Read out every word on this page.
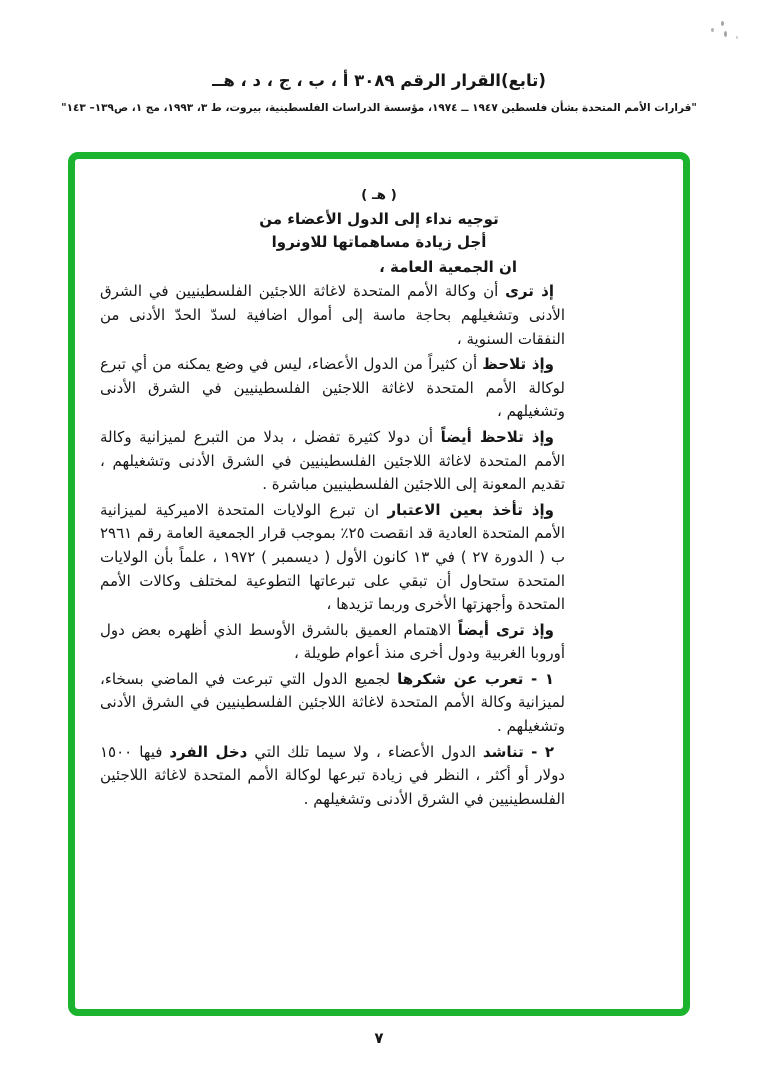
(تابع)القرار الرقم ٣٠٨٩ أ ، ب ، ج ، د ، هــ
"قرارات الأمم المتحدة بشأن فلسطين ١٩٤٧ ــ ١٩٧٤، مؤسسة الدراسات الفلسطينية، بيروت، ط ٣، ١٩٩٣، مج ١، ص١٣٩– ١٤٣"
( هـ )
توجيه نداء إلى الدول الأعضاء من
أجل زيادة مساهماتها للاونروا
ان الجمعية العامة ،

إذ ترى أن وكالة الأمم المتحدة لاغاثة اللاجئين الفلسطينيين في الشرق الأدنى وتشغيلهم بحاجة ماسة إلى أموال اضافية لسدّ الحدّ الأدنى من النفقات السنوية ،

وإذ تلاحظ أن كثيراً من الدول الأعضاء، ليس في وضع يمكنه من أي تبرع لوكالة الأمم المتحدة لاغاثة اللاجئين الفلسطينيين في الشرق الأدنى وتشغيلهم ،

وإذ تلاحظ أيضاً أن دولا كثيرة تفضل ، بدلا من التبرع لميزانية وكالة الأمم المتحدة لاغاثة اللاجئين الفلسطينيين في الشرق الأدنى وتشغيلهم ، تقديم المعونة إلى اللاجئين الفلسطينيين مباشرة .

وإذ تأخذ بعين الاعتبار ان تبرع الولايات المتحدة الاميركية لميزانية الأمم المتحدة العادية قد انقصت ٢٥٪ بموجب قرار الجمعية العامة رقم ٢٩٦١ ب ( الدورة ٢٧ ) في ١٣ كانون الأول ( ديسمبر ) ١٩٧٢ ، علماً بأن الولايات المتحدة ستحاول أن تبقي على تبرعاتها التطوعية لمختلف وكالات الأمم المتحدة وأجهزتها الأخرى وربما تزيدها ،

وإذ ترى أيضاً الاهتمام العميق بالشرق الأوسط الذي أظهره بعض دول أوروبا الغربية ودول أخرى منذ أعوام طويلة ،

١ - تعرب عن شكرها لجميع الدول التي تبرعت في الماضي بسخاء، لميزانية وكالة الأمم المتحدة لاغاثة اللاجئين الفلسطينيين في الشرق الأدنى وتشغيلهم .

٢ - تناشد الدول الأعضاء ، ولا سيما تلك التي دخل الفرد فيها ١٥٠٠ دولار أو أكثر ، النظر في زيادة تبرعها لوكالة الأمم المتحدة لاغاثة اللاجئين الفلسطينيين في الشرق الأدنى وتشغيلهم .

٧
